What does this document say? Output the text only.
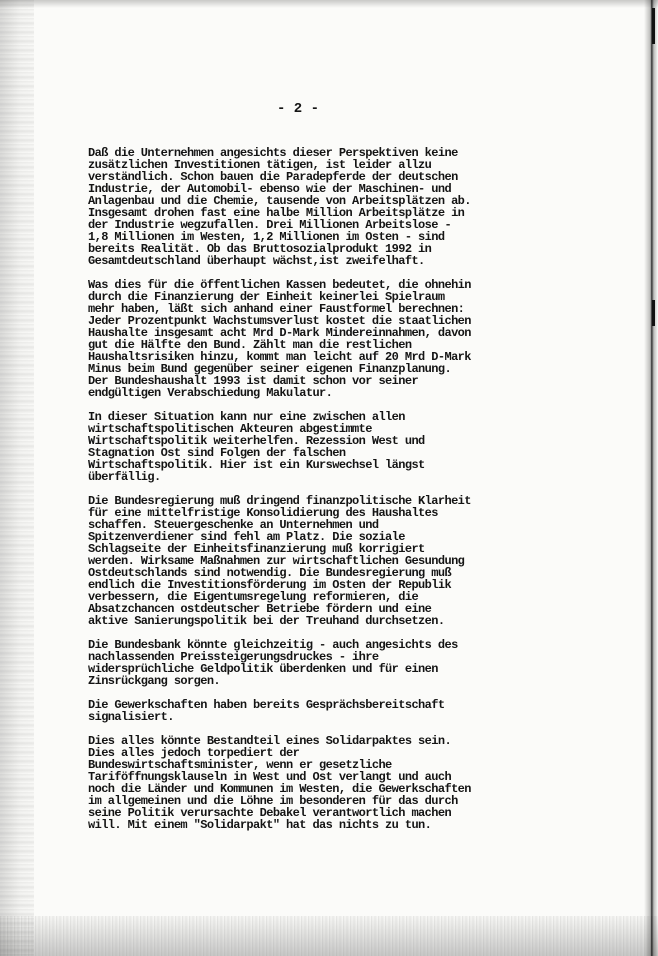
- 2 -

Daß die Unternehmen angesichts dieser Perspektiven keine
zusätzlichen Investitionen tätigen, ist leider allzu
verständlich. Schon bauen die Paradepferde der deutschen
Industrie, der Automobil- ebenso wie der Maschinen- und
Anlagenbau und die Chemie, tausende von Arbeitsplätzen ab.
Insgesamt drohen fast eine halbe Million Arbeitsplätze in
der Industrie wegzufallen. Drei Millionen Arbeitslose -
1,8 Millionen im Westen, 1,2 Millionen im Osten - sind
bereits Realität. Ob das Bruttosozialprodukt 1992 in
Gesamtdeutschland überhaupt wächst,ist zweifelhaft.

Was dies für die öffentlichen Kassen bedeutet, die ohnehin
durch die Finanzierung der Einheit keinerlei Spielraum
mehr haben, läßt sich anhand einer Faustformel berechnen:
Jeder Prozentpunkt Wachstumsverlust kostet die staatlichen
Haushalte insgesamt acht Mrd D-Mark Mindereinnahmen, davon
gut die Hälfte den Bund. Zählt man die restlichen
Haushaltsrisiken hinzu, kommt man leicht auf 20 Mrd D-Mark
Minus beim Bund gegenüber seiner eigenen Finanzplanung.
Der Bundeshaushalt 1993 ist damit schon vor seiner
endgültigen Verabschiedung Makulatur.

In dieser Situation kann nur eine zwischen allen
wirtschaftspolitischen Akteuren abgestimmte
Wirtschaftspolitik weiterhelfen. Rezession West und
Stagnation Ost sind Folgen der falschen
Wirtschaftspolitik. Hier ist ein Kurswechsel längst
überfällig.

Die Bundesregierung muß dringend finanzpolitische Klarheit
für eine mittelfristige Konsolidierung des Haushaltes
schaffen. Steuergeschenke an Unternehmen und
Spitzenverdiener sind fehl am Platz. Die soziale
Schlagseite der Einheitsfinanzierung muß korrigiert
werden. Wirksame Maßnahmen zur wirtschaftlichen Gesundung
Ostdeutschlands sind notwendig. Die Bundesregierung muß
endlich die Investitionsförderung im Osten der Republik
verbessern, die Eigentumsregelung reformieren, die
Absatzchancen ostdeutscher Betriebe fördern und eine
aktive Sanierungspolitik bei der Treuhand durchsetzen.

Die Bundesbank könnte gleichzeitig - auch angesichts des
nachlassenden Preissteigerungsdruckes - ihre
widersprüchliche Geldpolitik überdenken und für einen
Zinsrückgang sorgen.

Die Gewerkschaften haben bereits Gesprächsbereitschaft
signalisiert.

Dies alles könnte Bestandteil eines Solidarpaktes sein.
Dies alles jedoch torpediert der
Bundeswirtschaftsminister, wenn er gesetzliche
Tariföffnungsklauseln in West und Ost verlangt und auch
noch die Länder und Kommunen im Westen, die Gewerkschaften
im allgemeinen und die Löhne im besonderen für das durch
seine Politik verursachte Debakel verantwortlich machen
will. Mit einem "Solidarpakt" hat das nichts zu tun.
